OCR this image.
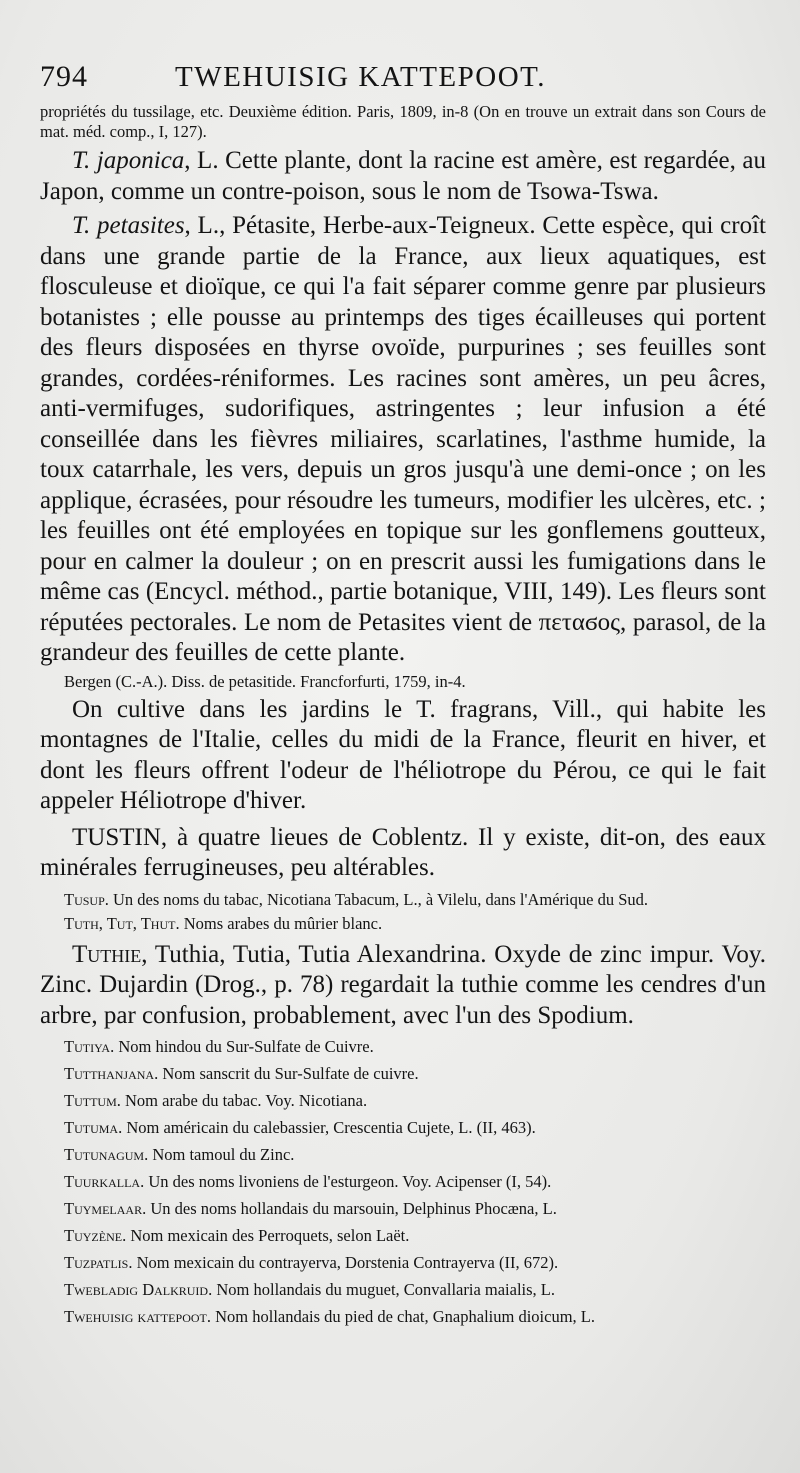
794	TWEHUISIG KATTEPOOT.

propriétés du tussilage, etc. Deuxième édition. Paris, 1809, in-8 (On en trouve un extrait dans son Cours de mat. méd. comp., I, 127).

T. japonica, L. Cette plante, dont la racine est amère, est regardée, au Japon, comme un contre-poison, sous le nom de Tsowa-Tswa.

T. petasites, L., Pétasite, Herbe-aux-Teigneux. Cette espèce, qui croît dans une grande partie de la France, aux lieux aquatiques, est flosculeuse et dioïque, ce qui l'a fait séparer comme genre par plusieurs botanistes ; elle pousse au printemps des tiges écailleuses qui portent des fleurs disposées en thyrse ovoïde, purpurines ; ses feuilles sont grandes, cordées-réniformes. Les racines sont amères, un peu âcres, anti-vermifuges, sudorifiques, astringentes ; leur infusion a été conseillée dans les fièvres miliaires, scarlatines, l'asthme humide, la toux catarrhale, les vers, depuis un gros jusqu'à une demi-once ; on les applique, écrasées, pour résoudre les tumeurs, modifier les ulcères, etc. ; les feuilles ont été employées en topique sur les gonflemens goutteux, pour en calmer la douleur ; on en prescrit aussi les fumigations dans le même cas (Encycl. méthod., partie botanique, VIII, 149). Les fleurs sont réputées pectorales. Le nom de Petasites vient de πεταϭος, parasol, de la grandeur des feuilles de cette plante.

Bergen (C.-A.). Diss. de petasitide. Francforfurti, 1759, in-4.

On cultive dans les jardins le T. fragrans, Vill., qui habite les montagnes de l'Italie, celles du midi de la France, fleurit en hiver, et dont les fleurs offrent l'odeur de l'héliotrope du Pérou, ce qui le fait appeler Héliotrope d'hiver.

TUSTIN, à quatre lieues de Coblentz. Il y existe, dit-on, des eaux minérales ferrugineuses, peu altérables.

Tusup. Un des noms du tabac, Nicotiana Tabacum, L., à Vilelu, dans l'Amérique du Sud.

Tuth, Tut, Thut. Noms arabes du mûrier blanc.

Tuthie, Tuthia, Tutia, Tutia Alexandrina. Oxyde de zinc impur. Voy. Zinc. Dujardin (Drog., p. 78) regardait la tuthie comme les cendres d'un arbre, par confusion, probablement, avec l'un des Spodium.

Tutiya. Nom hindou du Sur-Sulfate de Cuivre.

Tutthanjana. Nom sanscrit du Sur-Sulfate de cuivre.

Tuttum. Nom arabe du tabac. Voy. Nicotiana.

Tutuma. Nom américain du calebassier, Crescentia Cujete, L. (II, 463).

Tutunagum. Nom tamoul du Zinc.

Tuurkalla. Un des noms livoniens de l'esturgeon. Voy. Acipenser (I, 54).

Tuymelaar. Un des noms hollandais du marsouin, Delphinus Phocæna, L.

Tuyzène. Nom mexicain des Perroquets, selon Laët.

Tuzpatlis. Nom mexicain du contrayerva, Dorstenia Contrayerva (II, 672).

Twebladig Dalkruid. Nom hollandais du muguet, Convallaria maialis, L.

Twehuisig kattepoot. Nom hollandais du pied de chat, Gnaphalium dioicum, L.
